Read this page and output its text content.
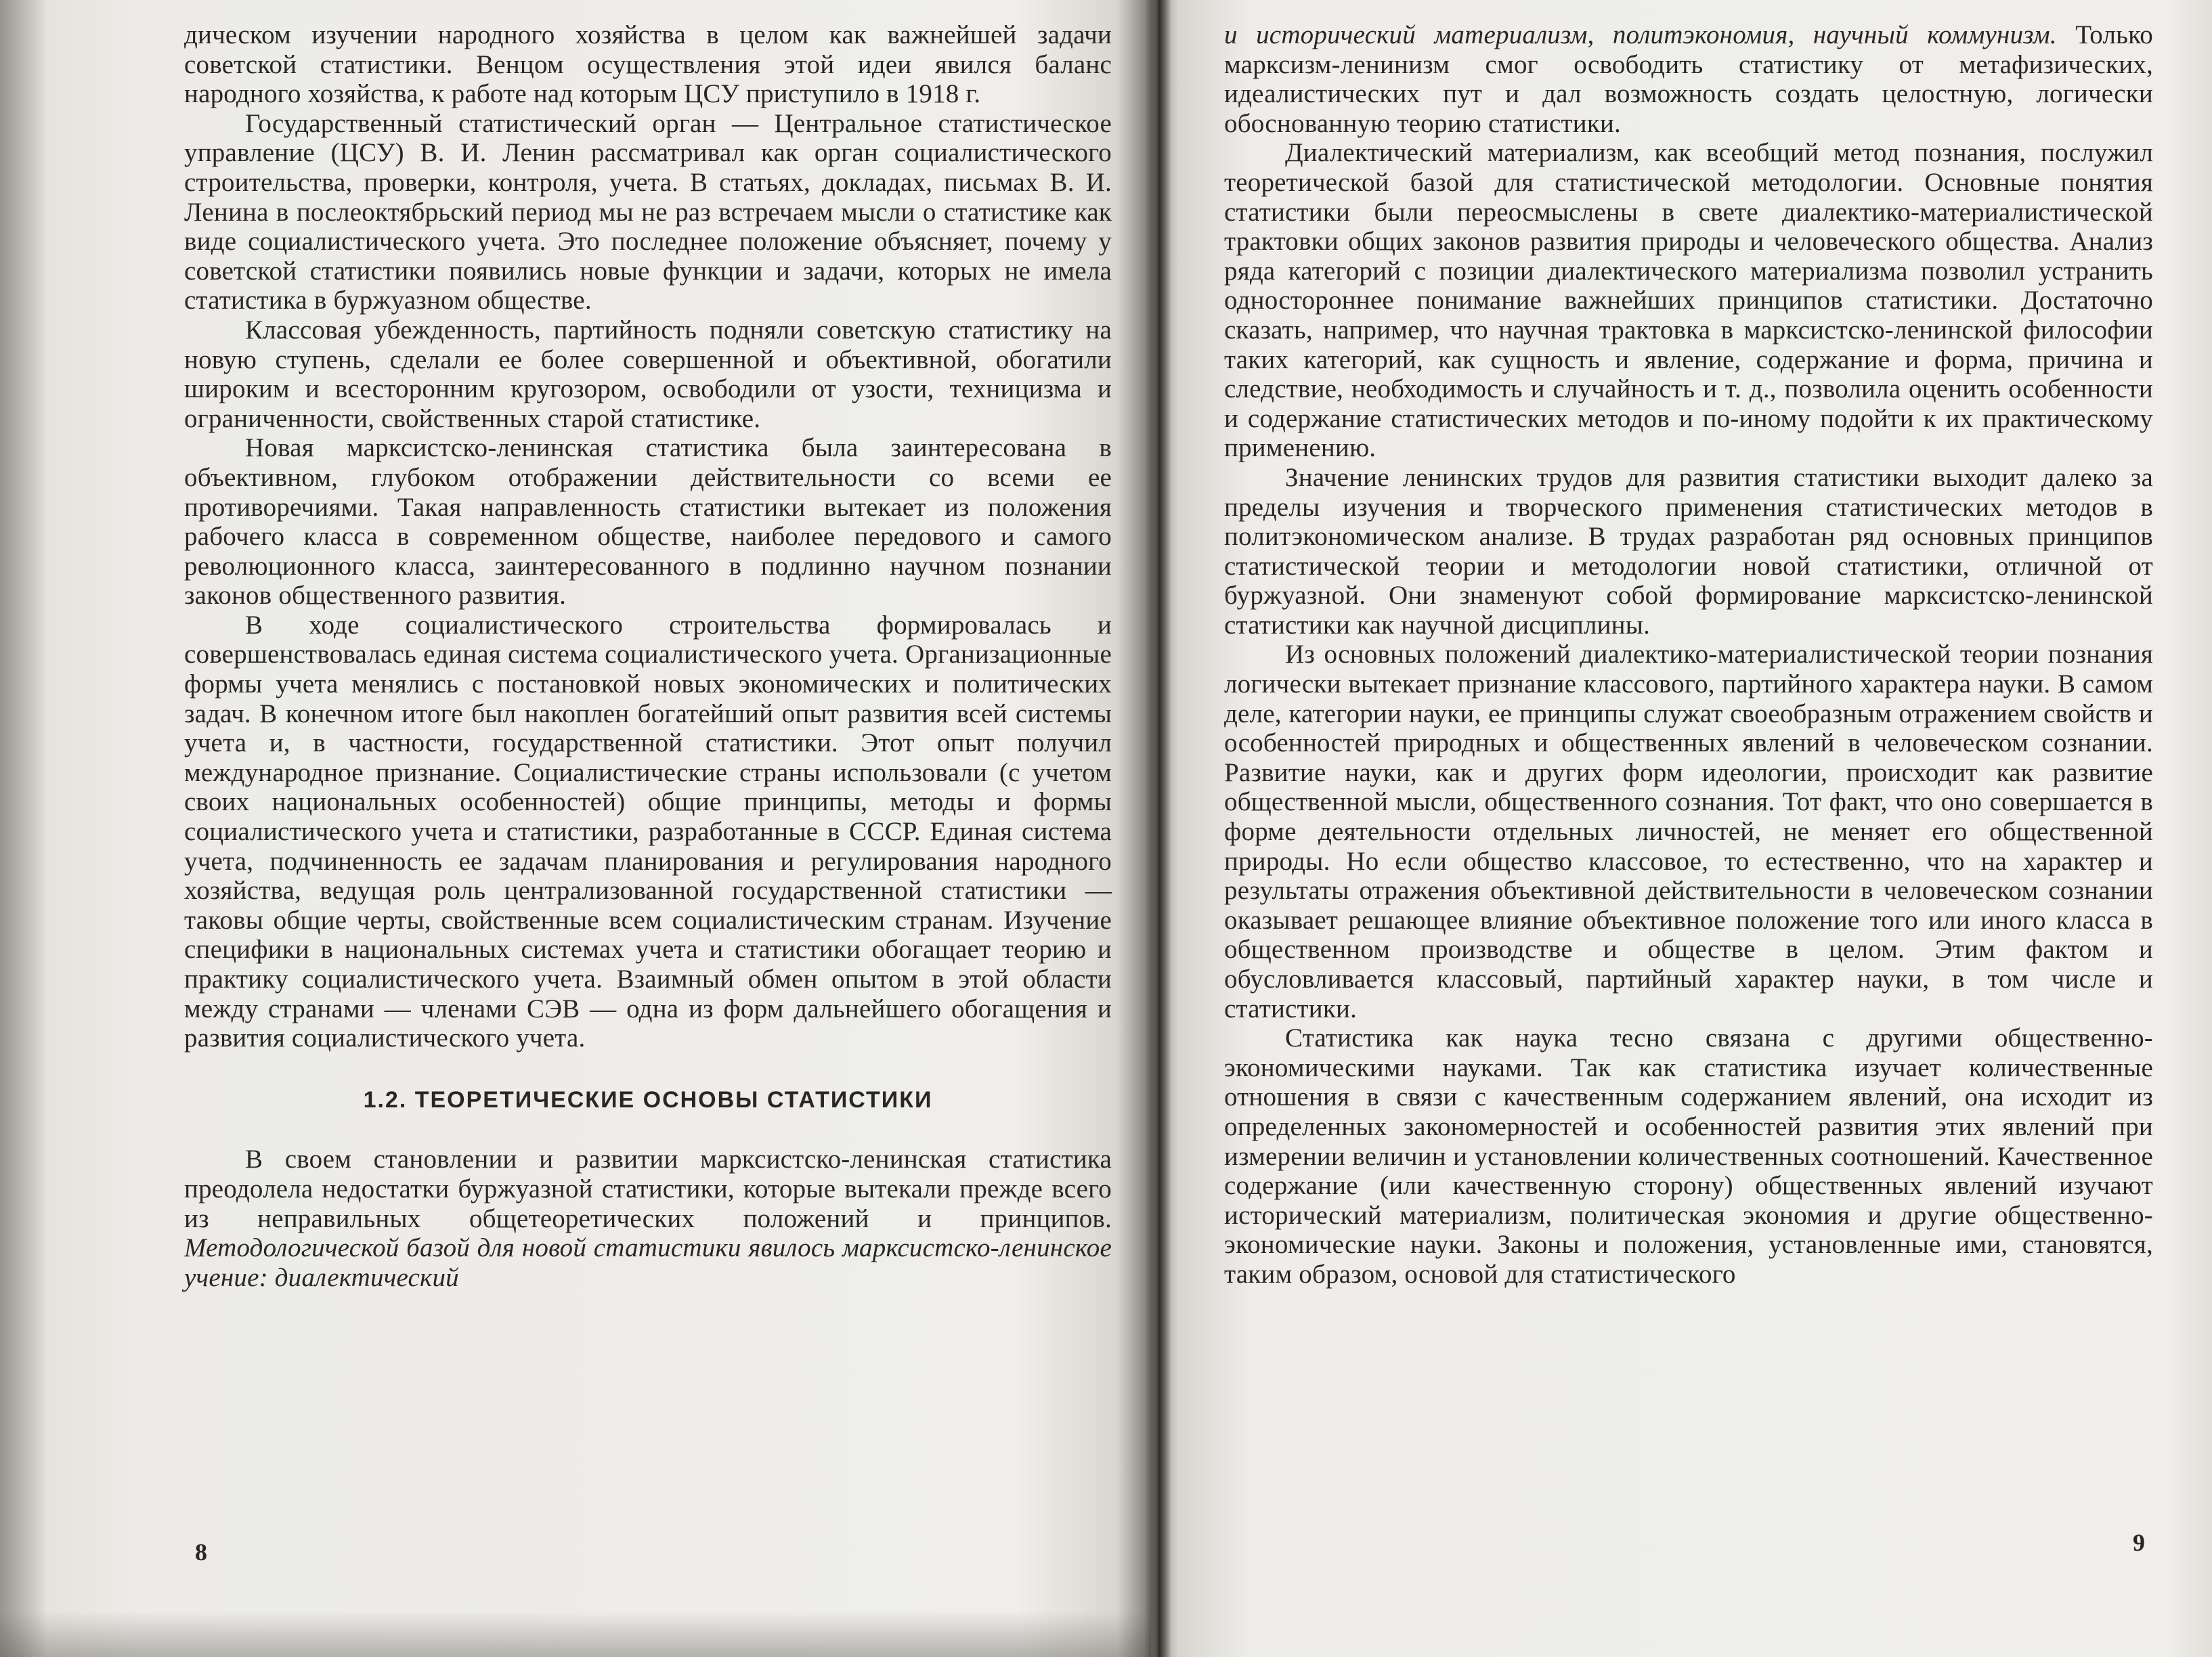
дическом изучении народного хозяйства в целом как важнейшей задачи советской статистики. Венцом осуществления этой идеи явился баланс народного хозяйства, к работе над которым ЦСУ приступило в 1918 г.

Государственный статистический орган — Центральное статистическое управление (ЦСУ) В. И. Ленин рассматривал как орган социалистического строительства, проверки, контроля, учета. В статьях, докладах, письмах В. И. Ленина в послеоктябрьский период мы не раз встречаем мысли о статистике как виде социалистического учета. Это последнее положение объясняет, почему у советской статистики появились новые функции и задачи, которых не имела статистика в буржуазном обществе.

Классовая убежденность, партийность подняли советскую статистику на новую ступень, сделали ее более совершенной и объективной, обогатили широким и всесторонним кругозором, освободили от узости, техницизма и ограниченности, свойственных старой статистике.

Новая марксистско-ленинская статистика была заинтересована в объективном, глубоком отображении действительности со всеми ее противоречиями. Такая направленность статистики вытекает из положения рабочего класса в современном обществе, наиболее передового и самого революционного класса, заинтересованного в подлинно научном познании законов общественного развития.

В ходе социалистического строительства формировалась и совершенствовалась единая система социалистического учета. Организационные формы учета менялись с постановкой новых экономических и политических задач. В конечном итоге был накоплен богатейший опыт развития всей системы учета и, в частности, государственной статистики. Этот опыт получил международное признание. Социалистические страны использовали (с учетом своих национальных особенностей) общие принципы, методы и формы социалистического учета и статистики, разработанные в СССР. Единая система учета, подчиненность ее задачам планирования и регулирования народного хозяйства, ведущая роль централизованной государственной статистики — таковы общие черты, свойственные всем социалистическим странам. Изучение специфики в национальных системах учета и статистики обогащает теорию и практику социалистического учета. Взаимный обмен опытом в этой области между странами — членами СЭВ — одна из форм дальнейшего обогащения и развития социалистического учета.

1.2. ТЕОРЕТИЧЕСКИЕ ОСНОВЫ СТАТИСТИКИ

В своем становлении и развитии марксистско-ленинская статистика преодолела недостатки буржуазной статистики, которые вытекали прежде всего из неправильных общетеоретических положений и принципов. Методологической базой для новой статистики явилось марксистско-ленинское учение: диалектический

8

и исторический материализм, политэкономия, научный коммунизм. Только марксизм-ленинизм смог освободить статистику от метафизических, идеалистических пут и дал возможность создать целостную, логически обоснованную теорию статистики.

Диалектический материализм, как всеобщий метод познания, послужил теоретической базой для статистической методологии. Основные понятия статистики были переосмыслены в свете диалектико-материалистической трактовки общих законов развития природы и человеческого общества. Анализ ряда категорий с позиции диалектического материализма позволил устранить одностороннее понимание важнейших принципов статистики. Достаточно сказать, например, что научная трактовка в марксистско-ленинской философии таких категорий, как сущность и явление, содержание и форма, причина и следствие, необходимость и случайность и т. д., позволила оценить особенности и содержание статистических методов и по-иному подойти к их практическому применению.

Значение ленинских трудов для развития статистики выходит далеко за пределы изучения и творческого применения статистических методов в политэкономическом анализе. В трудах разработан ряд основных принципов статистической теории и методологии новой статистики, отличной от буржуазной. Они знаменуют собой формирование марксистско-ленинской статистики как научной дисциплины.

Из основных положений диалектико-материалистической теории познания логически вытекает признание классового, партийного характера науки. В самом деле, категории науки, ее принципы служат своеобразным отражением свойств и особенностей природных и общественных явлений в человеческом сознании. Развитие науки, как и других форм идеологии, происходит как развитие общественной мысли, общественного сознания. Тот факт, что оно совершается в форме деятельности отдельных личностей, не меняет его общественной природы. Но если общество классовое, то естественно, что на характер и результаты отражения объективной действительности в человеческом сознании оказывает решающее влияние объективное положение того или иного класса в общественном производстве и обществе в целом. Этим фактом и обусловливается классовый, партийный характер науки, в том числе и статистики.

Статистика как наука тесно связана с другими общественно-экономическими науками. Так как статистика изучает количественные отношения в связи с качественным содержанием явлений, она исходит из определенных закономерностей и особенностей развития этих явлений при измерении величин и установлении количественных соотношений. Качественное содержание (или качественную сторону) общественных явлений изучают исторический материализм, политическая экономия и другие общественно-экономические науки. Законы и положения, установленные ими, становятся, таким образом, основой для статистического

9
